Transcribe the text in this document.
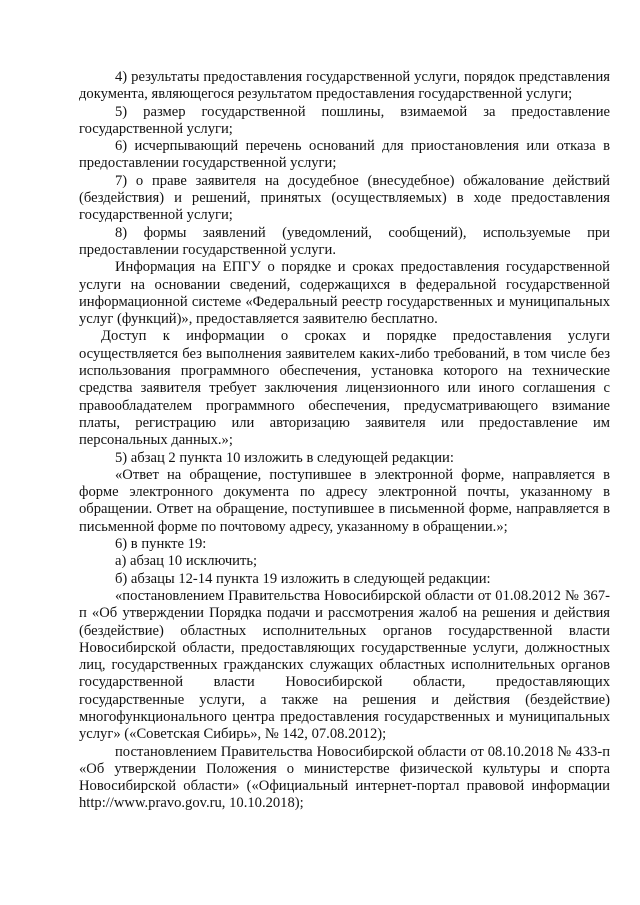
4) результаты предоставления государственной услуги, порядок представления документа, являющегося результатом предоставления государственной услуги;

5) размер государственной пошлины, взимаемой за предоставление государственной услуги;

6) исчерпывающий перечень оснований для приостановления или отказа в предоставлении государственной услуги;

7) о праве заявителя на досудебное (внесудебное) обжалование действий (бездействия) и решений, принятых (осуществляемых) в ходе предоставления государственной услуги;

8) формы заявлений (уведомлений, сообщений), используемые при предоставлении государственной услуги.

Информация на ЕПГУ о порядке и сроках предоставления государственной услуги на основании сведений, содержащихся в федеральной государственной информационной системе «Федеральный реестр государственных и муниципальных услуг (функций)», предоставляется заявителю бесплатно.

Доступ к информации о сроках и порядке предоставления услуги осуществляется без выполнения заявителем каких-либо требований, в том числе без использования программного обеспечения, установка которого на технические средства заявителя требует заключения лицензионного или иного соглашения с правообладателем программного обеспечения, предусматривающего взимание платы, регистрацию или авторизацию заявителя или предоставление им персональных данных.»;

5) абзац 2 пункта 10 изложить в следующей редакции:

«Ответ на обращение, поступившее в электронной форме, направляется в форме электронного документа по адресу электронной почты, указанному в обращении. Ответ на обращение, поступившее в письменной форме, направляется в письменной форме по почтовому адресу, указанному в обращении.»;

6) в пункте 19:

а) абзац 10 исключить;

б) абзацы 12-14 пункта 19 изложить в следующей редакции:

«постановлением Правительства Новосибирской области от 01.08.2012 № 367-п «Об утверждении Порядка подачи и рассмотрения жалоб на решения и действия (бездействие) областных исполнительных органов государственной власти Новосибирской области, предоставляющих государственные услуги, должностных лиц, государственных гражданских служащих областных исполнительных органов государственной власти Новосибирской области, предоставляющих государственные услуги, а также на решения и действия (бездействие) многофункционального центра предоставления государственных и муниципальных услуг» («Советская Сибирь», № 142, 07.08.2012);

постановлением Правительства Новосибирской области от 08.10.2018 № 433-п «Об утверждении Положения о министерстве физической культуры и спорта Новосибирской области» («Официальный интернет-портал правовой информации http://www.pravo.gov.ru, 10.10.2018);
